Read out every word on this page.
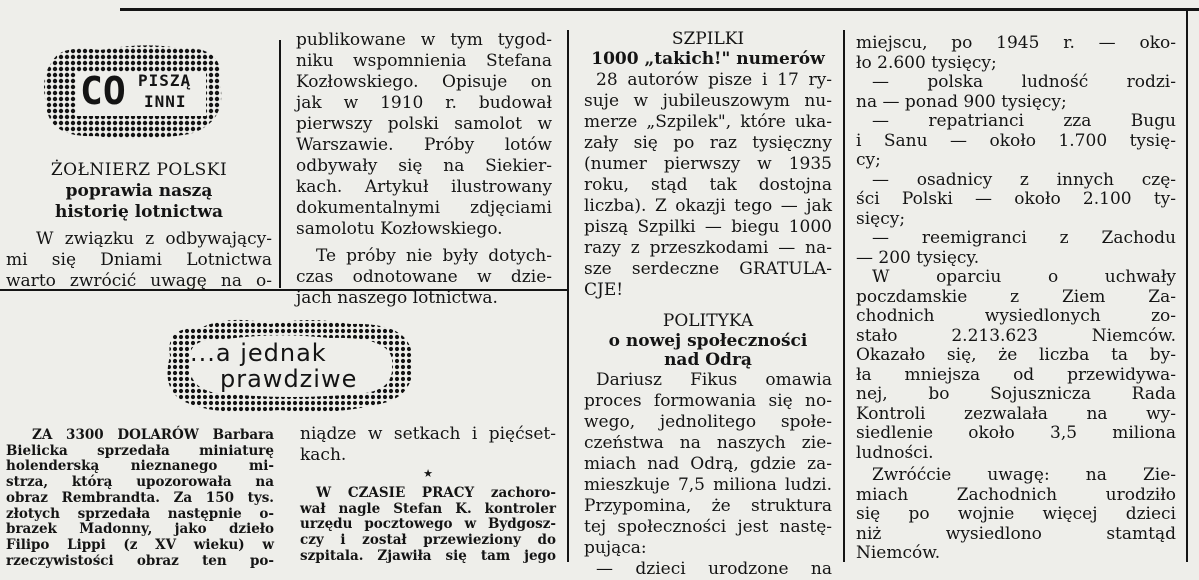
CO PISZĄ
INNI
...a jednak
prawdziwe
ŻOŁNIERZ POLSKI
poprawia naszą
historię lotnictwa
W związku z odbywający-
mi się Dniami Lotnictwa
warto zwrócić uwagę na o-
publikowane w tym tygod-
niku wspomnienia Stefana
Kozłowskiego. Opisuje on
jak w 1910 r. budował
pierwszy polski samolot w
Warszawie. Próby lotów
odbywały się na Siekier-
kach. Artykuł ilustrowany
dokumentalnymi zdjęciami
samolotu Kozłowskiego.
Te próby nie były dotych-
czas odnotowane w dzie-
jach naszego lotnictwa.
SZPILKI
1000 „takich!" numerów
28 autorów pisze i 17 ry-
suje w jubileuszowym nu-
merze „Szpilek", które uka-
zały się po raz tysięczny
(numer pierwszy w 1935
roku, stąd tak dostojna
liczba). Z okazji tego — jak
piszą Szpilki — biegu 1000
razy z przeszkodami — na-
sze serdeczne GRATULA-
CJE!
POLITYKA
o nowej społeczności
nad Odrą
Dariusz Fikus omawia
proces formowania się no-
wego, jednolitego społe-
czeństwa na naszych zie-
miach nad Odrą, gdzie za-
mieszkuje 7,5 miliona ludzi.
Przypomina, że struktura
tej społeczności jest nastę-
pująca:
— dzieci urodzone na
miejscu, po 1945 r. — oko-
ło 2.600 tysięcy;
— polska ludność rodzi-
na — ponad 900 tysięcy;
— repatrianci zza Bugu
i Sanu — około 1.700 tysię-
cy;
— osadnicy z innych czę-
ści Polski — około 2.100 ty-
sięcy;
— reemigranci z Zachodu
— 200 tysięcy.
W oparciu o uchwały
poczdamskie z Ziem Za-
chodnich wysiedlonych zo-
stało 2.213.623 Niemców.
Okazało się, że liczba ta by-
ła mniejsza od przewidywa-
nej, bo Sojusznicza Rada
Kontroli zezwalała na wy-
siedlenie około 3,5 miliona
ludności.
Zwróćcie uwagę: na Zie-
miach Zachodnich urodziło
się po wojnie więcej dzieci
niż wysiedlono stamtąd
Niemców.
ZA 3300 DOLARÓW Barbara
Bielicka sprzedała miniaturę
holenderską nieznanego mi-
strza, którą upozorowała na
obraz Rembrandta. Za 150 tys.
złotych sprzedała następnie o-
brazek Madonny, jako dzieło
Filipo Lippi (z XV wieku) w
rzeczywistości obraz ten po-
niądze w setkach i pięćset-
kach.
★
W CZASIE PRACY zachoro-
wał nagle Stefan K. kontroler
urzędu pocztowego w Bydgosz-
czy i został przewieziony do
szpitala. Zjawiła się tam jego
